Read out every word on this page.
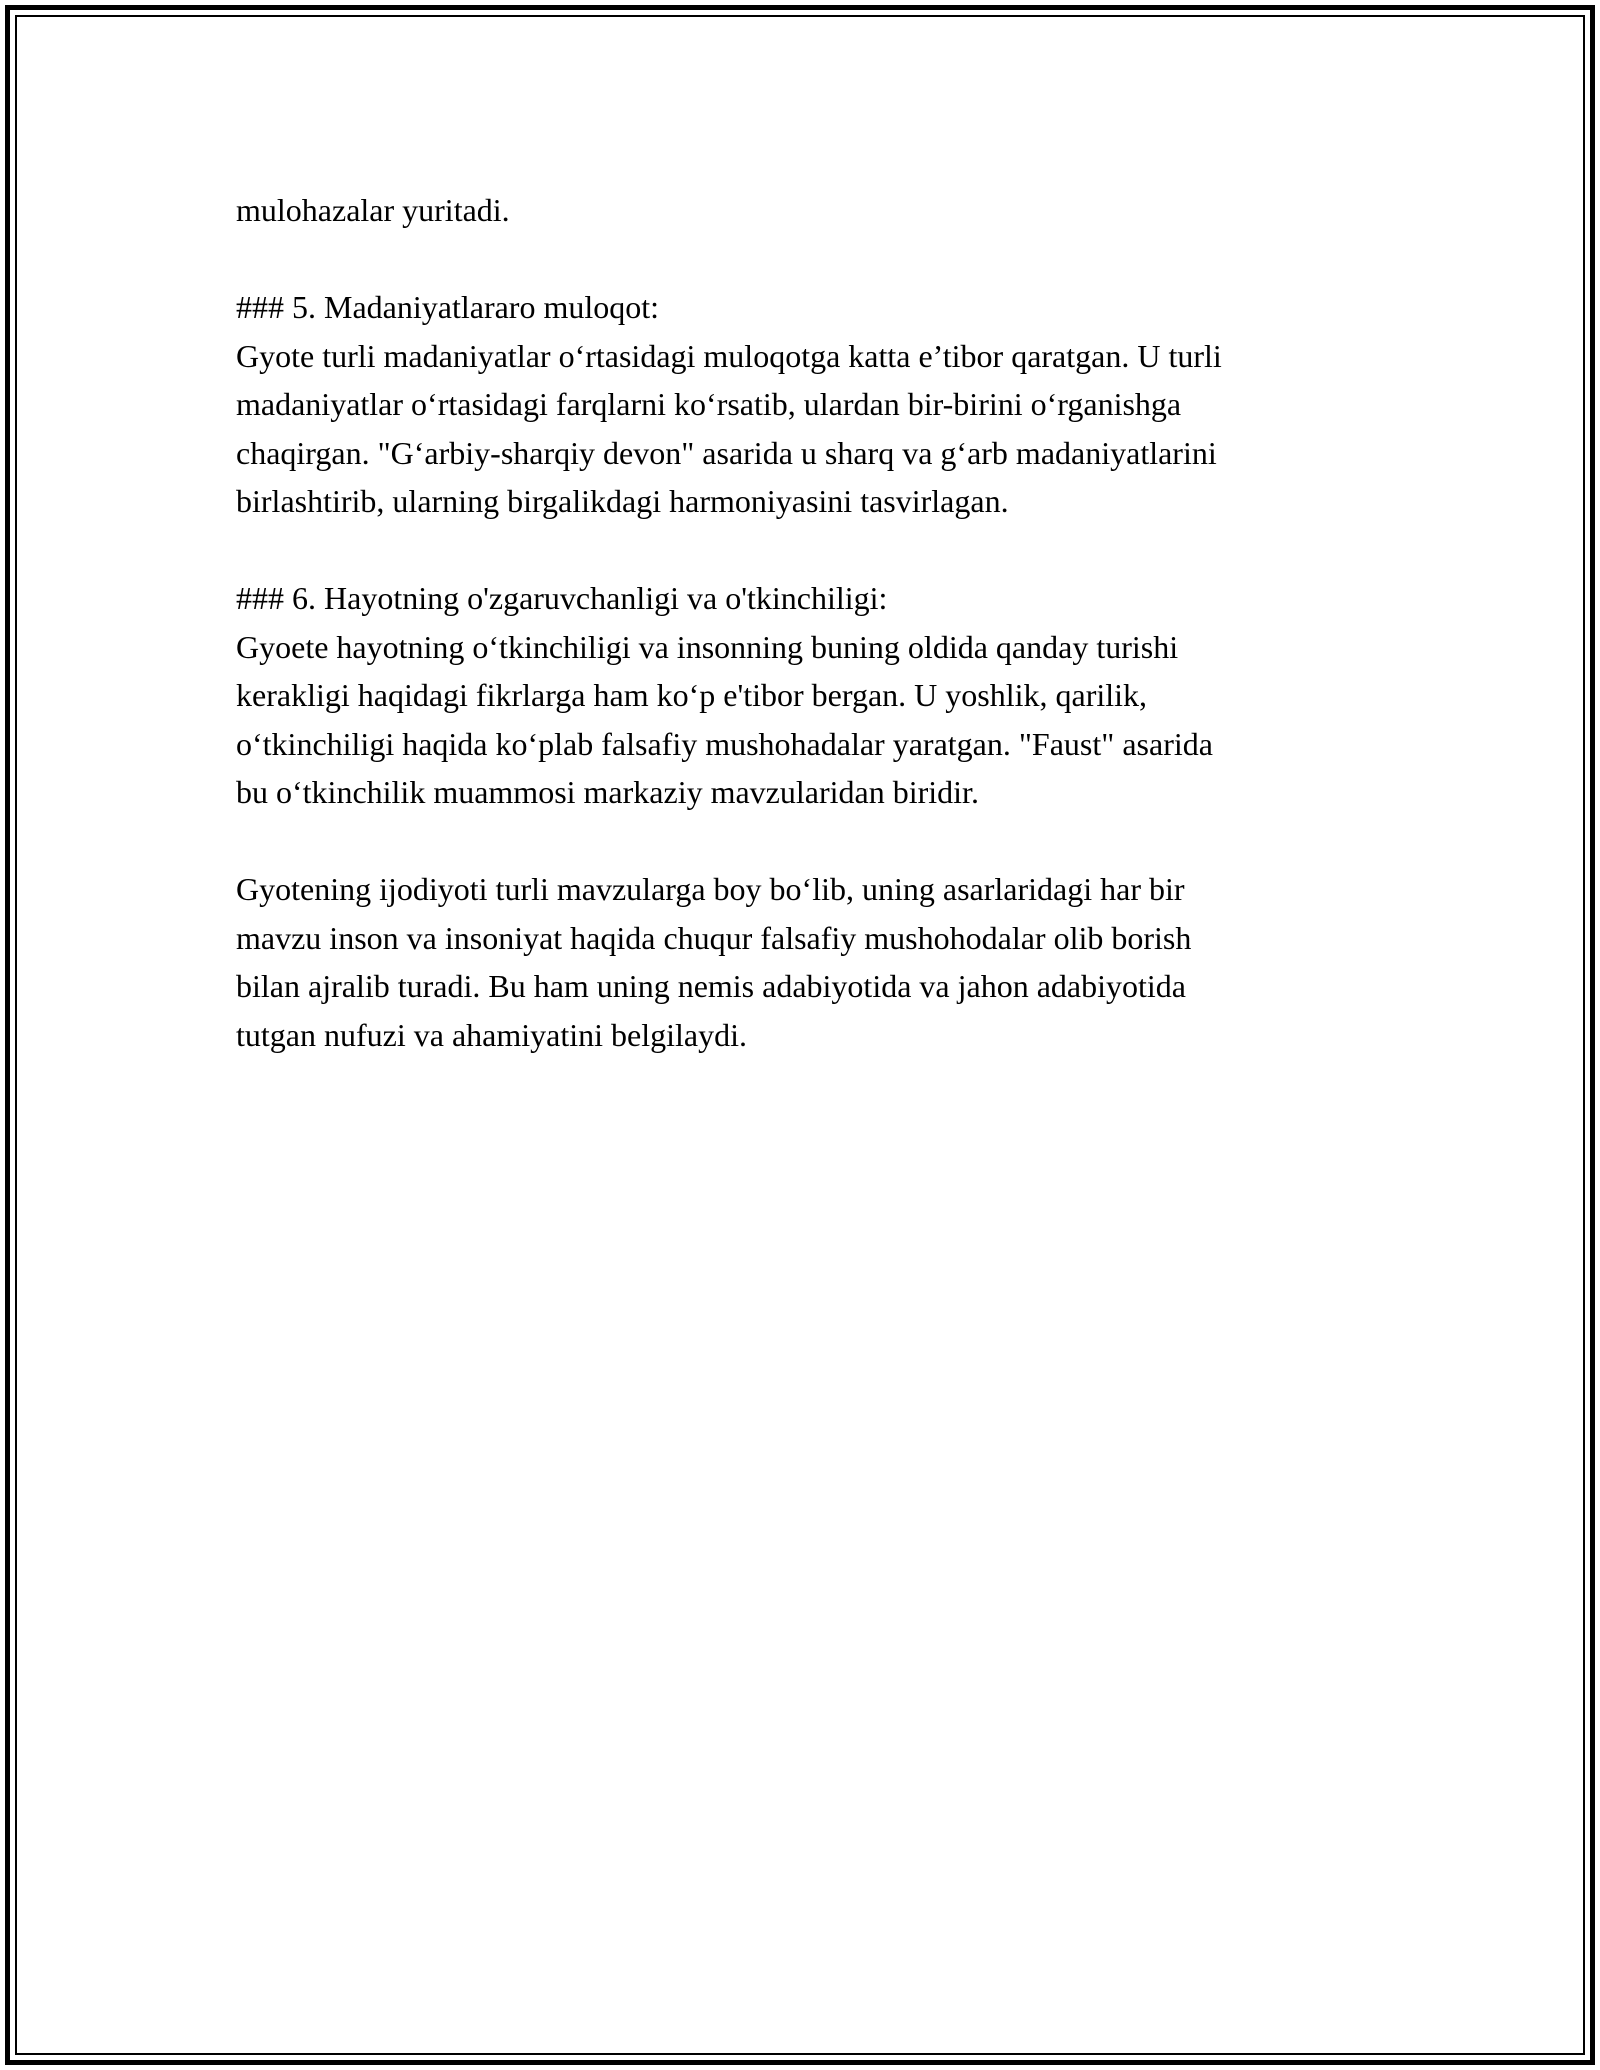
mulohazalar yuritadi.
### 5. Madaniyatlararo muloqot:
Gyote turli madaniyatlar o‘rtasidagi muloqotga katta e’tibor qaratgan. U turli
madaniyatlar o‘rtasidagi farqlarni ko‘rsatib, ulardan bir-birini o‘rganishga
chaqirgan. "G‘arbiy-sharqiy devon" asarida u sharq va g‘arb madaniyatlarini
birlashtirib, ularning birgalikdagi harmoniyasini tasvirlagan.
### 6. Hayotning o'zgaruvchanligi va o'tkinchiligi:
Gyoete hayotning o‘tkinchiligi va insonning buning oldida qanday turishi
kerakligi haqidagi fikrlarga ham ko‘p e'tibor bergan. U yoshlik, qarilik,
o‘tkinchiligi haqida ko‘plab falsafiy mushohadalar yaratgan. "Faust" asarida
bu o‘tkinchilik muammosi markaziy mavzularidan biridir.
Gyotening ijodiyoti turli mavzularga boy bo‘lib, uning asarlaridagi har bir
mavzu inson va insoniyat haqida chuqur falsafiy mushohodalar olib borish
bilan ajralib turadi. Bu ham uning nemis adabiyotida va jahon adabiyotida
tutgan nufuzi va ahamiyatini belgilaydi.
